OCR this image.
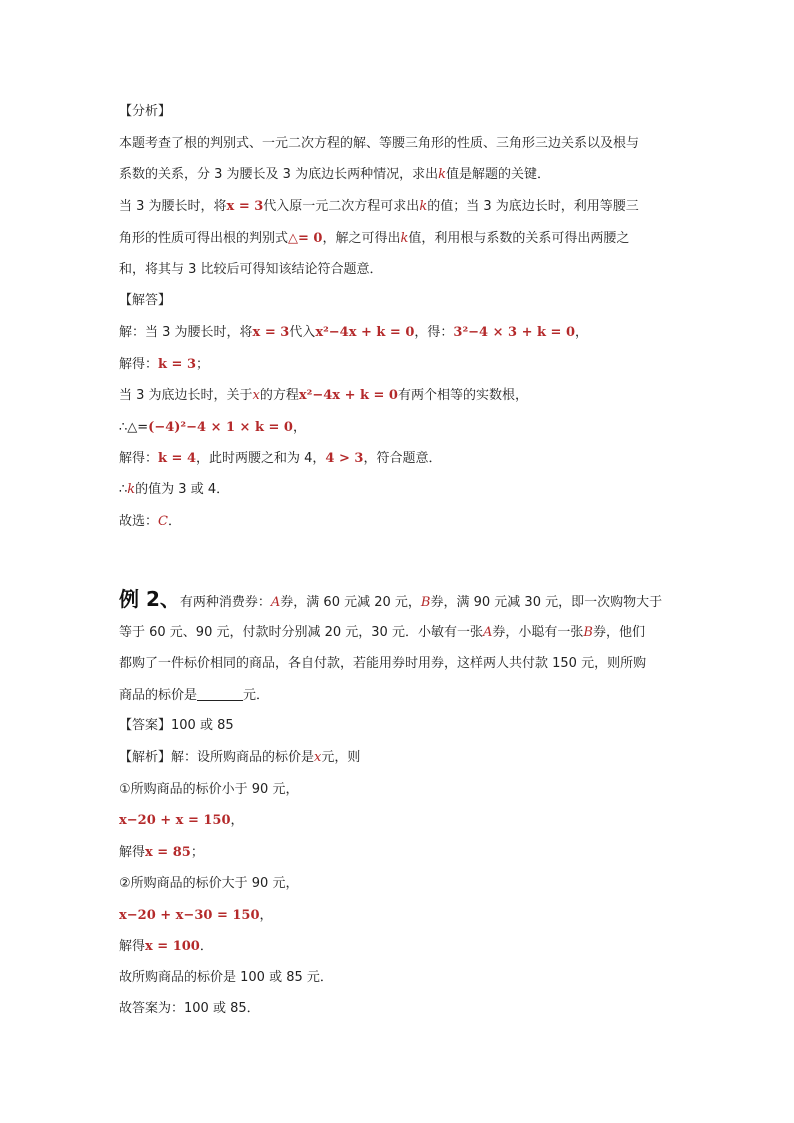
【分析】
本题考查了根的判别式、一元二次方程的解、等腰三角形的性质、三角形三边关系以及根与
系数的关系，分 3 为腰长及 3 为底边长两种情况，求出k值是解题的关键．
当 3 为腰长时，将x = 3代入原一元二次方程可求出k的值；当 3 为底边长时，利用等腰三
角形的性质可得出根的判别式△= 0，解之可得出k值，利用根与系数的关系可得出两腰之
和，将其与 3 比较后可得知该结论符合题意．
【解答】
解：当 3 为腰长时，将x = 3代入x²−4x + k = 0，得：3²−4 × 3 + k = 0，
解得：k = 3；
当 3 为底边长时，关于x的方程x²−4x + k = 0有两个相等的实数根，
∴△=(−4)²−4 × 1 × k = 0，
解得：k = 4，此时两腰之和为 4，4 > 3，符合题意．
∴k的值为 3 或 4．
故选：C．
例 2、有两种消费券：A券，满 60 元减 20 元，B券，满 90 元减 30 元，即一次购物大于
等于 60 元、90 元，付款时分别减 20 元，30 元．小敏有一张A券，小聪有一张B券，他们
都购了一件标价相同的商品，各自付款，若能用券时用券，这样两人共付款 150 元，则所购
商品的标价是	元．
【答案】100 或 85
【解析】解：设所购商品的标价是x元，则
①所购商品的标价小于 90 元，
x−20 + x = 150，
解得x = 85；
②所购商品的标价大于 90 元，
x−20 + x−30 = 150，
解得x = 100．
故所购商品的标价是 100 或 85 元．
故答案为：100 或 85．
